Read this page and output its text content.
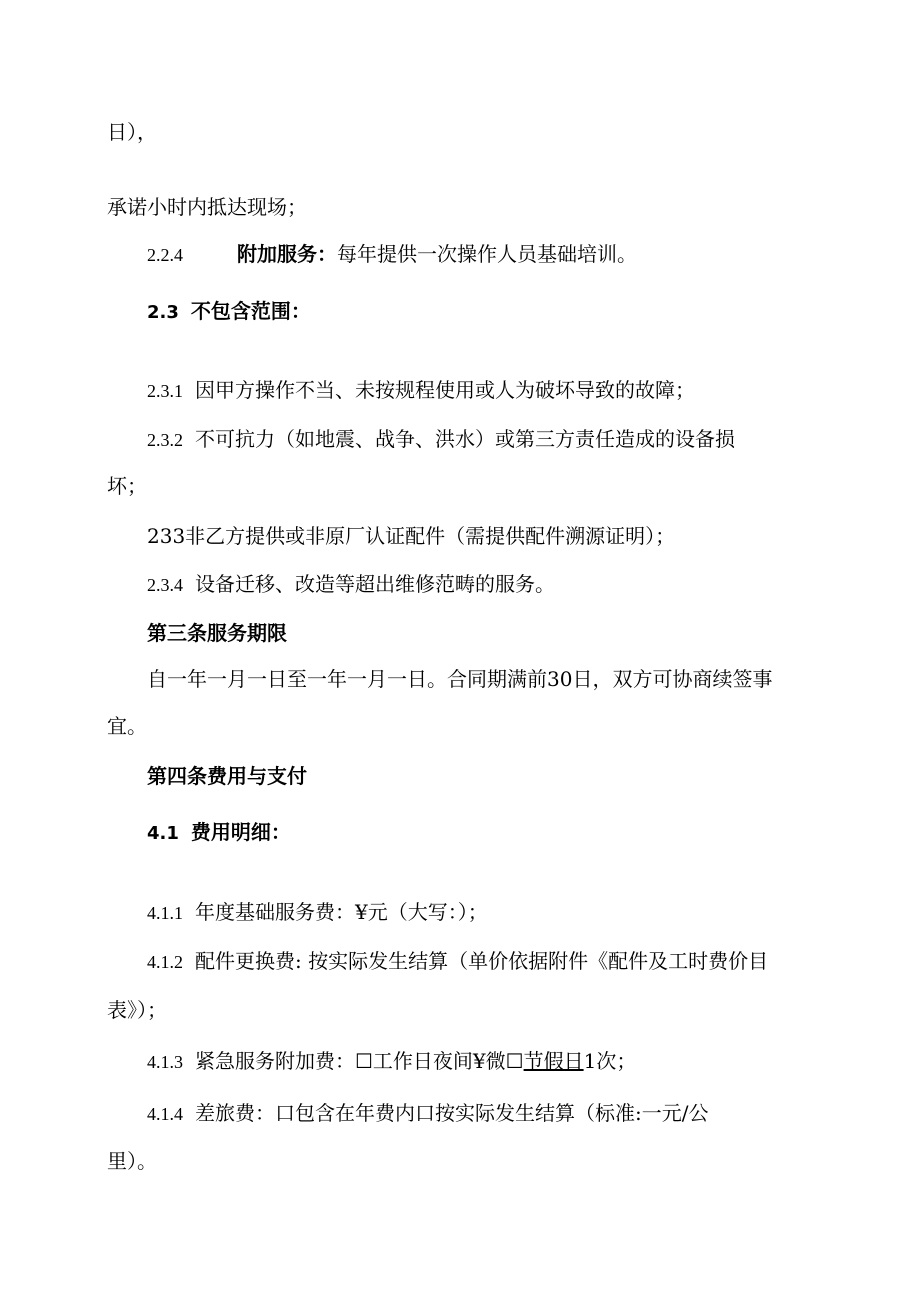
日），
承诺小时内抵达现场；
2.2.4	附加服务：每年提供一次操作人员基础培训。
2.3 不包含范围：
2.3.1 因甲方操作不当、未按规程使用或人为破坏导致的故障；
2.3.2 不可抗力（如地震、战争、洪水）或第三方责任造成的设备损
坏；
233非乙方提供或非原厂认证配件（需提供配件溯源证明）；
2.3.4 设备迁移、改造等超出维修范畴的服务。
第三条服务期限
自一年一月一日至一年一月一日。合同期满前30日，双方可协商续签事
宜。
第四条费用与支付
4.1 费用明细：
4.1.1 年度基础服务费：¥元（大写：）；
4.1.2 配件更换费: 按实际发生结算（单价依据附件《配件及工时费价目
表》）；
4.1.3 紧急服务附加费：☐工作日夜间¥微☐节假日1次；
4.1.4 差旅费：口包含在年费内口按实际发生结算（标准:一元/公
里）。
